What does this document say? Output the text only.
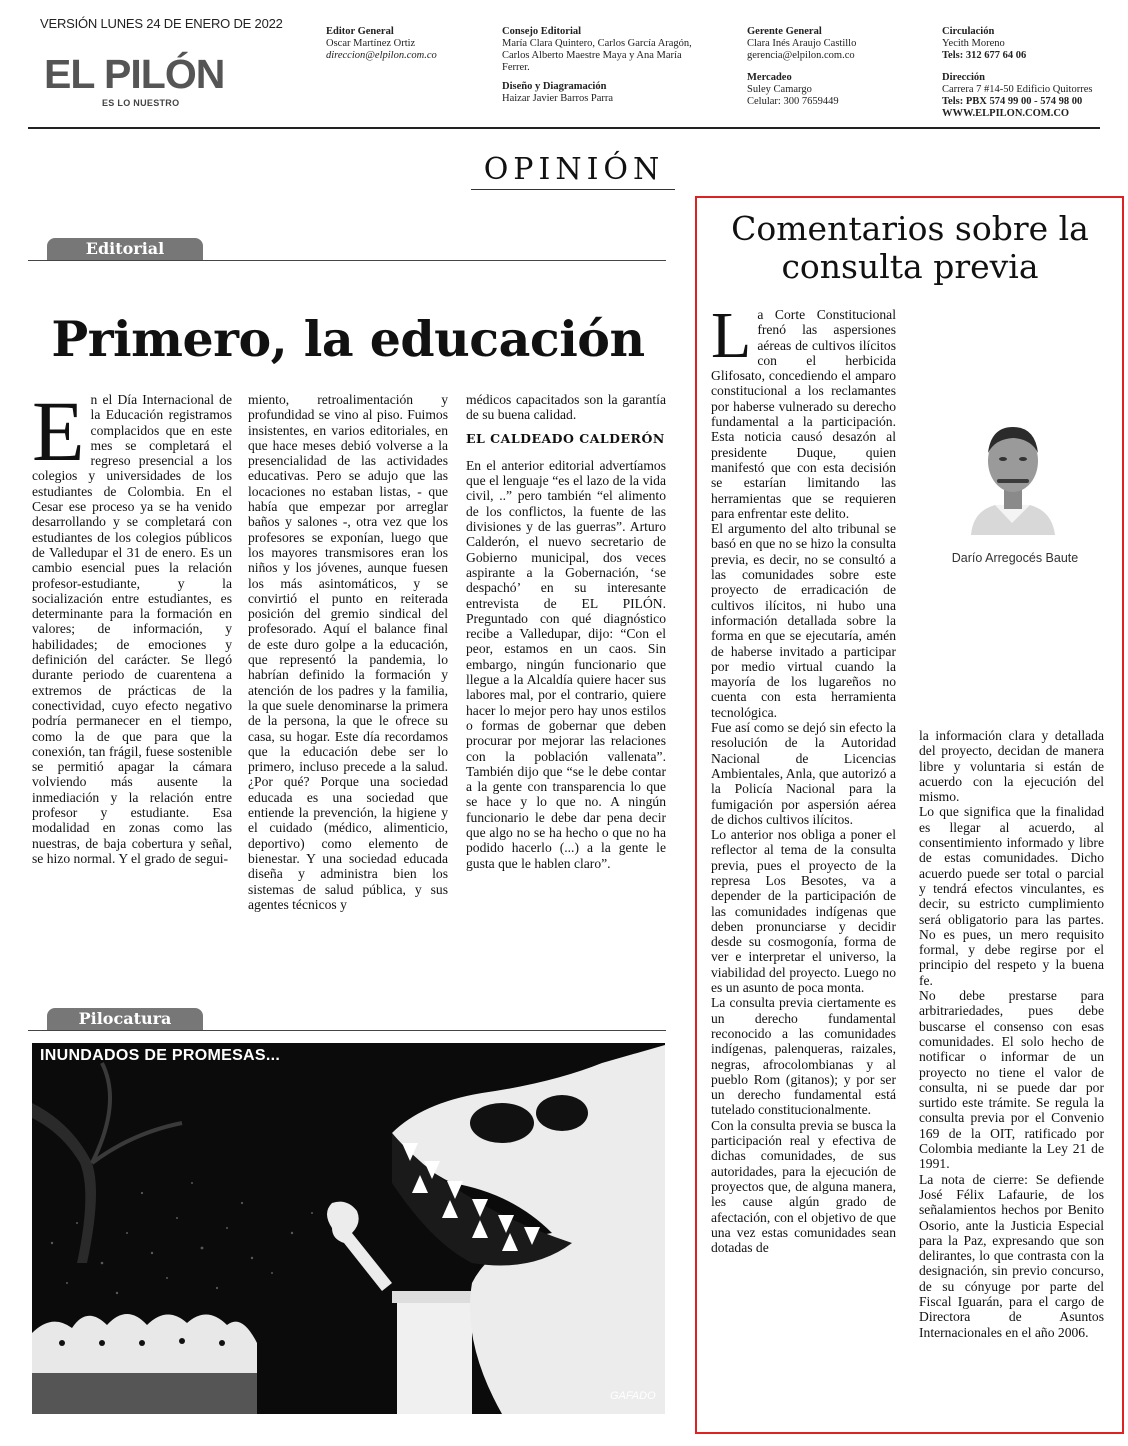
VERSIÓN LUNES 24 DE ENERO DE 2022
EL PILÓN
ES LO NUESTRO
Editor General
Oscar Martínez Ortiz
direccion@elpilon.com.co
Consejo Editorial
María Clara Quintero, Carlos García Aragón,
Carlos Alberto Maestre Maya y Ana María
Ferrer.
Diseño y Diagramación
Haizar Javier Barros Parra
Gerente General
Clara Inés Araujo Castillo
gerencia@elpilon.com.co
Mercadeo
Suley Camargo
Celular: 300 7659449
Circulación
Yecith Moreno
Tels: 312 677 64 06
Dirección
Carrera 7 #14-50 Edificio Quitorres
Tels: PBX 574 99 00 - 574 98 00
WWW.ELPILON.COM.CO
OPINIÓN
Editorial
Primero, la educación
E n el Día Internacional de la Educación registramos complacidos que en este mes se completará el regreso presencial a los colegios y universidades de los estudiantes de Colombia. En el Cesar ese proceso ya se ha venido desarrollando y se completará con estudiantes de los colegios públicos de Valledupar el 31 de enero. Es un cambio esencial pues la relación profesor-estudiante, y la socialización entre estudiantes, es determinante para la formación en valores; de información, y habilidades; de emociones y definición del carácter. Se llegó durante periodo de cuarentena a extremos de prácticas de la conectividad, cuyo efecto negativo podría permanecer en el tiempo, como la de que para que la conexión, tan frágil, fuese sostenible se permitió apagar la cámara volviendo más ausente la inmediación y la relación entre profesor y estudiante. Esa modalidad en zonas como las nuestras, de baja cobertura y señal, se hizo normal. Y el grado de segui-

miento, retroalimentación y profundidad se vino al piso. Fuimos insistentes, en varios editoriales, en que hace meses debió volverse a la presencialidad de las actividades educativas. Pero se adujo que las locaciones no estaban listas, - que había que empezar por arreglar baños y salones -, otra vez que los profesores se exponían, luego que los mayores transmisores eran los niños y los jóvenes, aunque fuesen los más asintomáticos, y se convirtió el punto en reiterada posición del gremio sindical del profesorado. Aquí el balance final de este duro golpe a la educación, que representó la pandemia, lo habrían definido la formación y atención de los padres y la familia, la que suele denominarse la primera de la persona, la que le ofrece su casa, su hogar. Este día recordamos que la educación debe ser lo primero, incluso precede a la salud. ¿Por qué? Porque una sociedad educada es una sociedad que entiende la prevención, la higiene y el cuidado (médico, alimenticio, deportivo) como elemento de bienestar. Y una sociedad educada diseña y administra bien los sistemas de salud pública, y sus agentes técnicos y

médicos capacitados son la garantía de su buena calidad.

EL CALDEADO CALDERÓN

En el anterior editorial advertíamos que el lenguaje “es el lazo de la vida civil, ..” pero también “el alimento de los conflictos, la fuente de las divisiones y de las guerras”. Arturo Calderón, el nuevo secretario de Gobierno municipal, dos veces aspirante a la Gobernación, ‘se despachó’ en su interesante entrevista de EL PILÓN. Preguntado con qué diagnóstico recibe a Valledupar, dijo: “Con el peor, estamos en un caos. Sin embargo, ningún funcionario que llegue a la Alcaldía quiere hacer sus labores mal, por el contrario, quiere hacer lo mejor pero hay unos estilos o formas de gobernar que deben procurar por mejorar las relaciones con la población vallenata”. También dijo que “se le debe contar a la gente con transparencia lo que se hace y lo que no. A ningún funcionario le debe dar pena decir que algo no se ha hecho o que no ha podido hacerlo (...) a la gente le gusta que le hablen claro”.

Pilocatura
GAFADO
INUNDADOS DE PROMESAS...
Comentarios sobre la consulta previa
L a Corte Constitucional frenó las aspersiones aéreas de cultivos ilícitos con el herbicida Glifosato, concediendo el amparo constitucional a los reclamantes por haberse vulnerado su derecho fundamental a la participación. Esta noticia causó desazón al presidente Duque, quien manifestó que con esta decisión se estarían limitando las herramientas que se requieren para enfrentar este delito.

El argumento del alto tribunal se basó en que no se hizo la consulta previa, es decir, no se consultó a las comunidades sobre este proyecto de erradicación de cultivos ilícitos, ni hubo una información detallada sobre la forma en que se ejecutaría, amén de haberse invitado a participar por medio virtual cuando la mayoría de los lugareños no cuenta con esta herramienta tecnológica.

Fue así como se dejó sin efecto la resolución de la Autoridad Nacional de Licencias Ambientales, Anla, que autorizó a la Policía Nacional para la fumigación por aspersión aérea de dichos cultivos ilícitos.

Lo anterior nos obliga a poner el reflector al tema de la consulta previa, pues el proyecto de la represa Los Besotes, va a depender de la participación de las comunidades indígenas que deben pronunciarse y decidir desde su cosmogonía, forma de ver e interpretar el universo, la viabilidad del proyecto. Luego no es un asunto de poca monta.

La consulta previa ciertamente es un derecho fundamental reconocido a las comunidades indígenas, palenqueras, raizales, negras, afrocolombianas y al pueblo Rom (gitanos); y por ser un derecho fundamental está tutelado constitucionalmente.

Con la consulta previa se busca la participación real y efectiva de dichas comunidades, de sus autoridades, para la ejecución de proyectos que, de alguna manera, les cause algún grado de afectación, con el objetivo de que una vez estas comunidades sean dotadas de

Darío Arregocés Baute

la información clara y detallada del proyecto, decidan de manera libre y voluntaria si están de acuerdo con la ejecución del mismo.

Lo que significa que la finalidad es llegar al acuerdo, al consentimiento informado y libre de estas comunidades. Dicho acuerdo puede ser total o parcial y tendrá efectos vinculantes, es decir, su estricto cumplimiento será obligatorio para las partes. No es pues, un mero requisito formal, y debe regirse por el principio del respeto y la buena fe.

No debe prestarse para arbitrariedades, pues debe buscarse el consenso con esas comunidades. El solo hecho de notificar o informar de un proyecto no tiene el valor de consulta, ni se puede dar por surtido este trámite. Se regula la consulta previa por el Convenio 169 de la OIT, ratificado por Colombia mediante la Ley 21 de 1991.

La nota de cierre: Se defiende José Félix Lafaurie, de los señalamientos hechos por Benito Osorio, ante la Justicia Especial para la Paz, expresando que son delirantes, lo que contrasta con la designación, sin previo concurso, de su cónyuge por parte del Fiscal Iguarán, para el cargo de Directora de Asuntos Internacionales en el año 2006.
